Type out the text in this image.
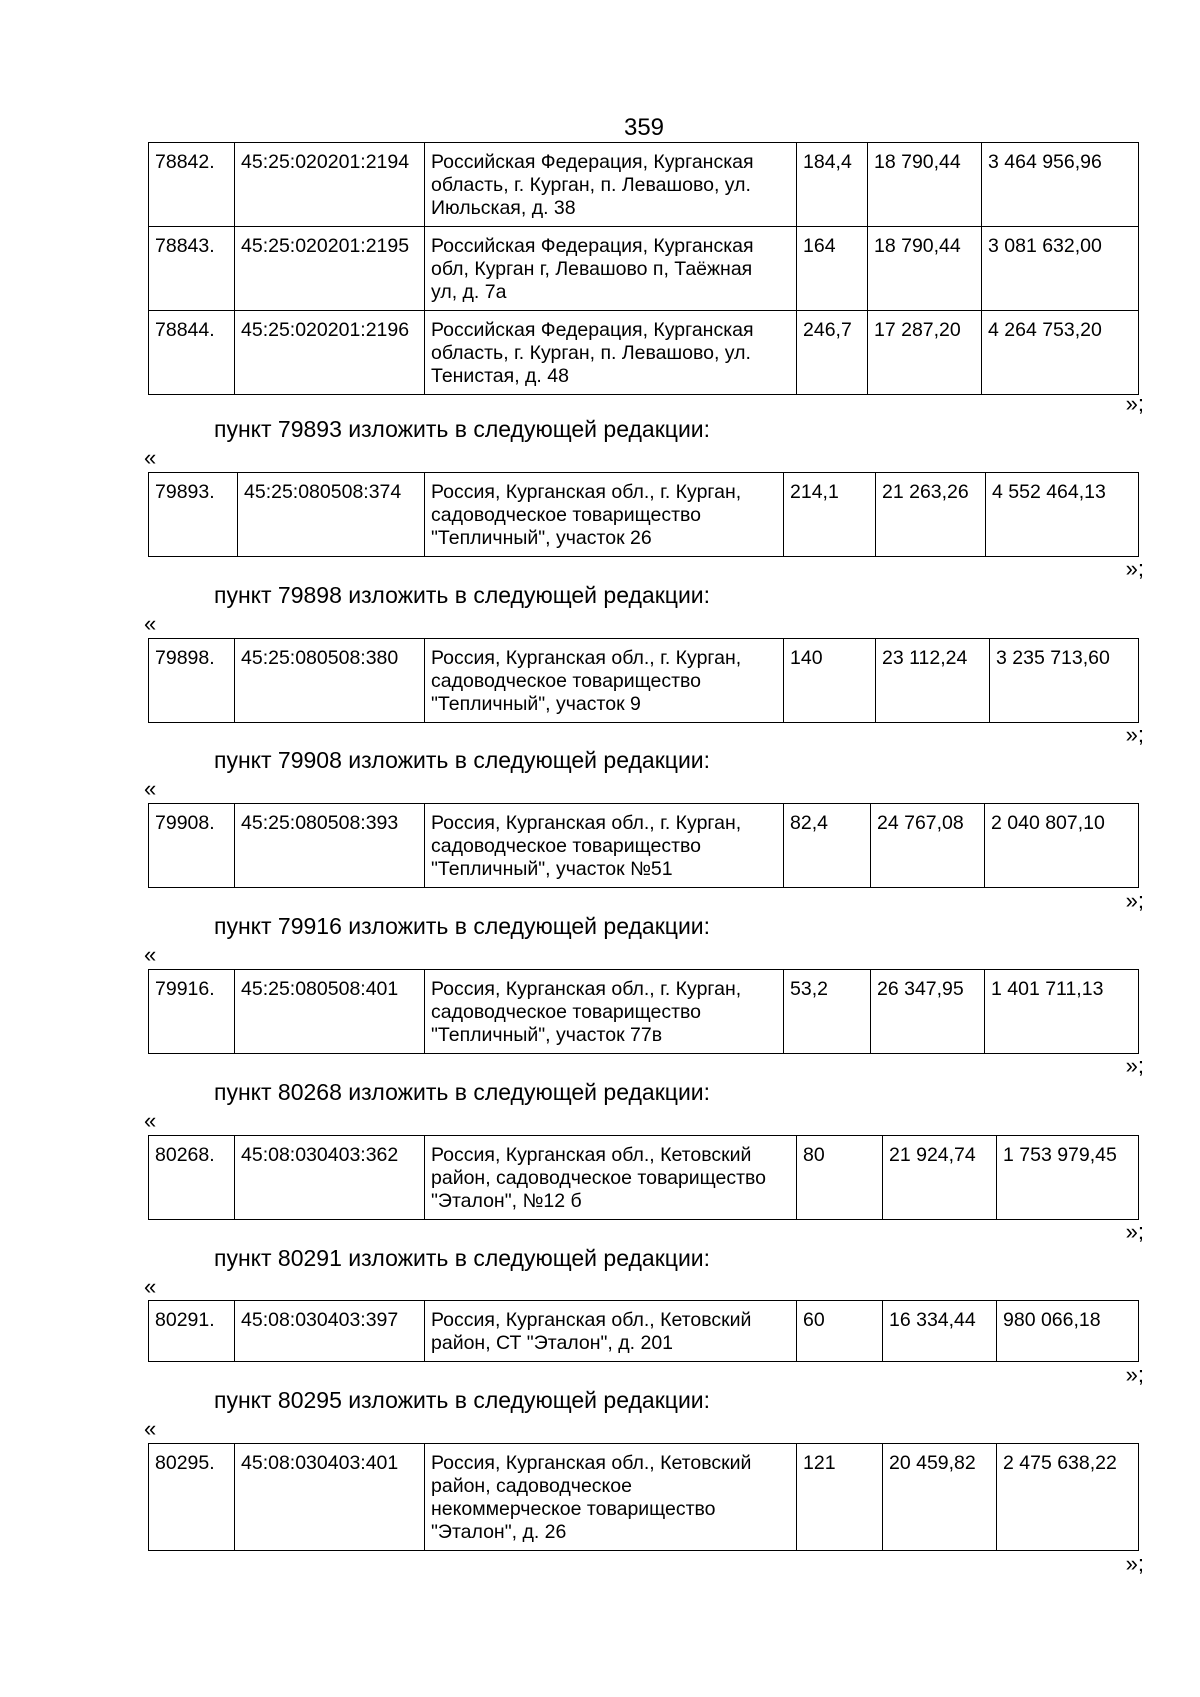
359
78842.	45:25:020201:2194	Российская Федерация, Курганская
область, г. Курган, п. Левашово, ул.
Июльская, д. 38	184,4	18 790,44	3 464 956,96
78843.	45:25:020201:2195	Российская Федерация, Курганская
обл, Курган г, Левашово п, Таёжная
ул, д. 7а	164	18 790,44	3 081 632,00
78844.	45:25:020201:2196	Российская Федерация, Курганская
область, г. Курган, п. Левашово, ул.
Тенистая, д. 48	246,7	17 287,20	4 264 753,20
»;
пункт 79893 изложить в следующей редакции:
«
79893.	45:25:080508:374	Россия, Курганская обл., г. Курган,
садоводческое товарищество
"Тепличный", участок 26	214,1	21 263,26	4 552 464,13
»;
пункт 79898 изложить в следующей редакции:
«
79898.	45:25:080508:380	Россия, Курганская обл., г. Курган,
садоводческое товарищество
"Тепличный", участок 9	140	23 112,24	3 235 713,60
»;
пункт 79908 изложить в следующей редакции:
«
79908.	45:25:080508:393	Россия, Курганская обл., г. Курган,
садоводческое товарищество
"Тепличный", участок №51	82,4	24 767,08	2 040 807,10
»;
пункт 79916 изложить в следующей редакции:
«
79916.	45:25:080508:401	Россия, Курганская обл., г. Курган,
садоводческое товарищество
"Тепличный", участок 77в	53,2	26 347,95	1 401 711,13
»;
пункт 80268 изложить в следующей редакции:
«
80268.	45:08:030403:362	Россия, Курганская обл., Кетовский
район, садоводческое товарищество
"Эталон", №12 б	80	21 924,74	1 753 979,45
»;
пункт 80291 изложить в следующей редакции:
«
80291.	45:08:030403:397	Россия, Курганская обл., Кетовский
район, СТ "Эталон", д. 201	60	16 334,44	980 066,18
»;
пункт 80295 изложить в следующей редакции:
«
80295.	45:08:030403:401	Россия, Курганская обл., Кетовский
район, садоводческое
некоммерческое товарищество
"Эталон", д. 26	121	20 459,82	2 475 638,22
»;
